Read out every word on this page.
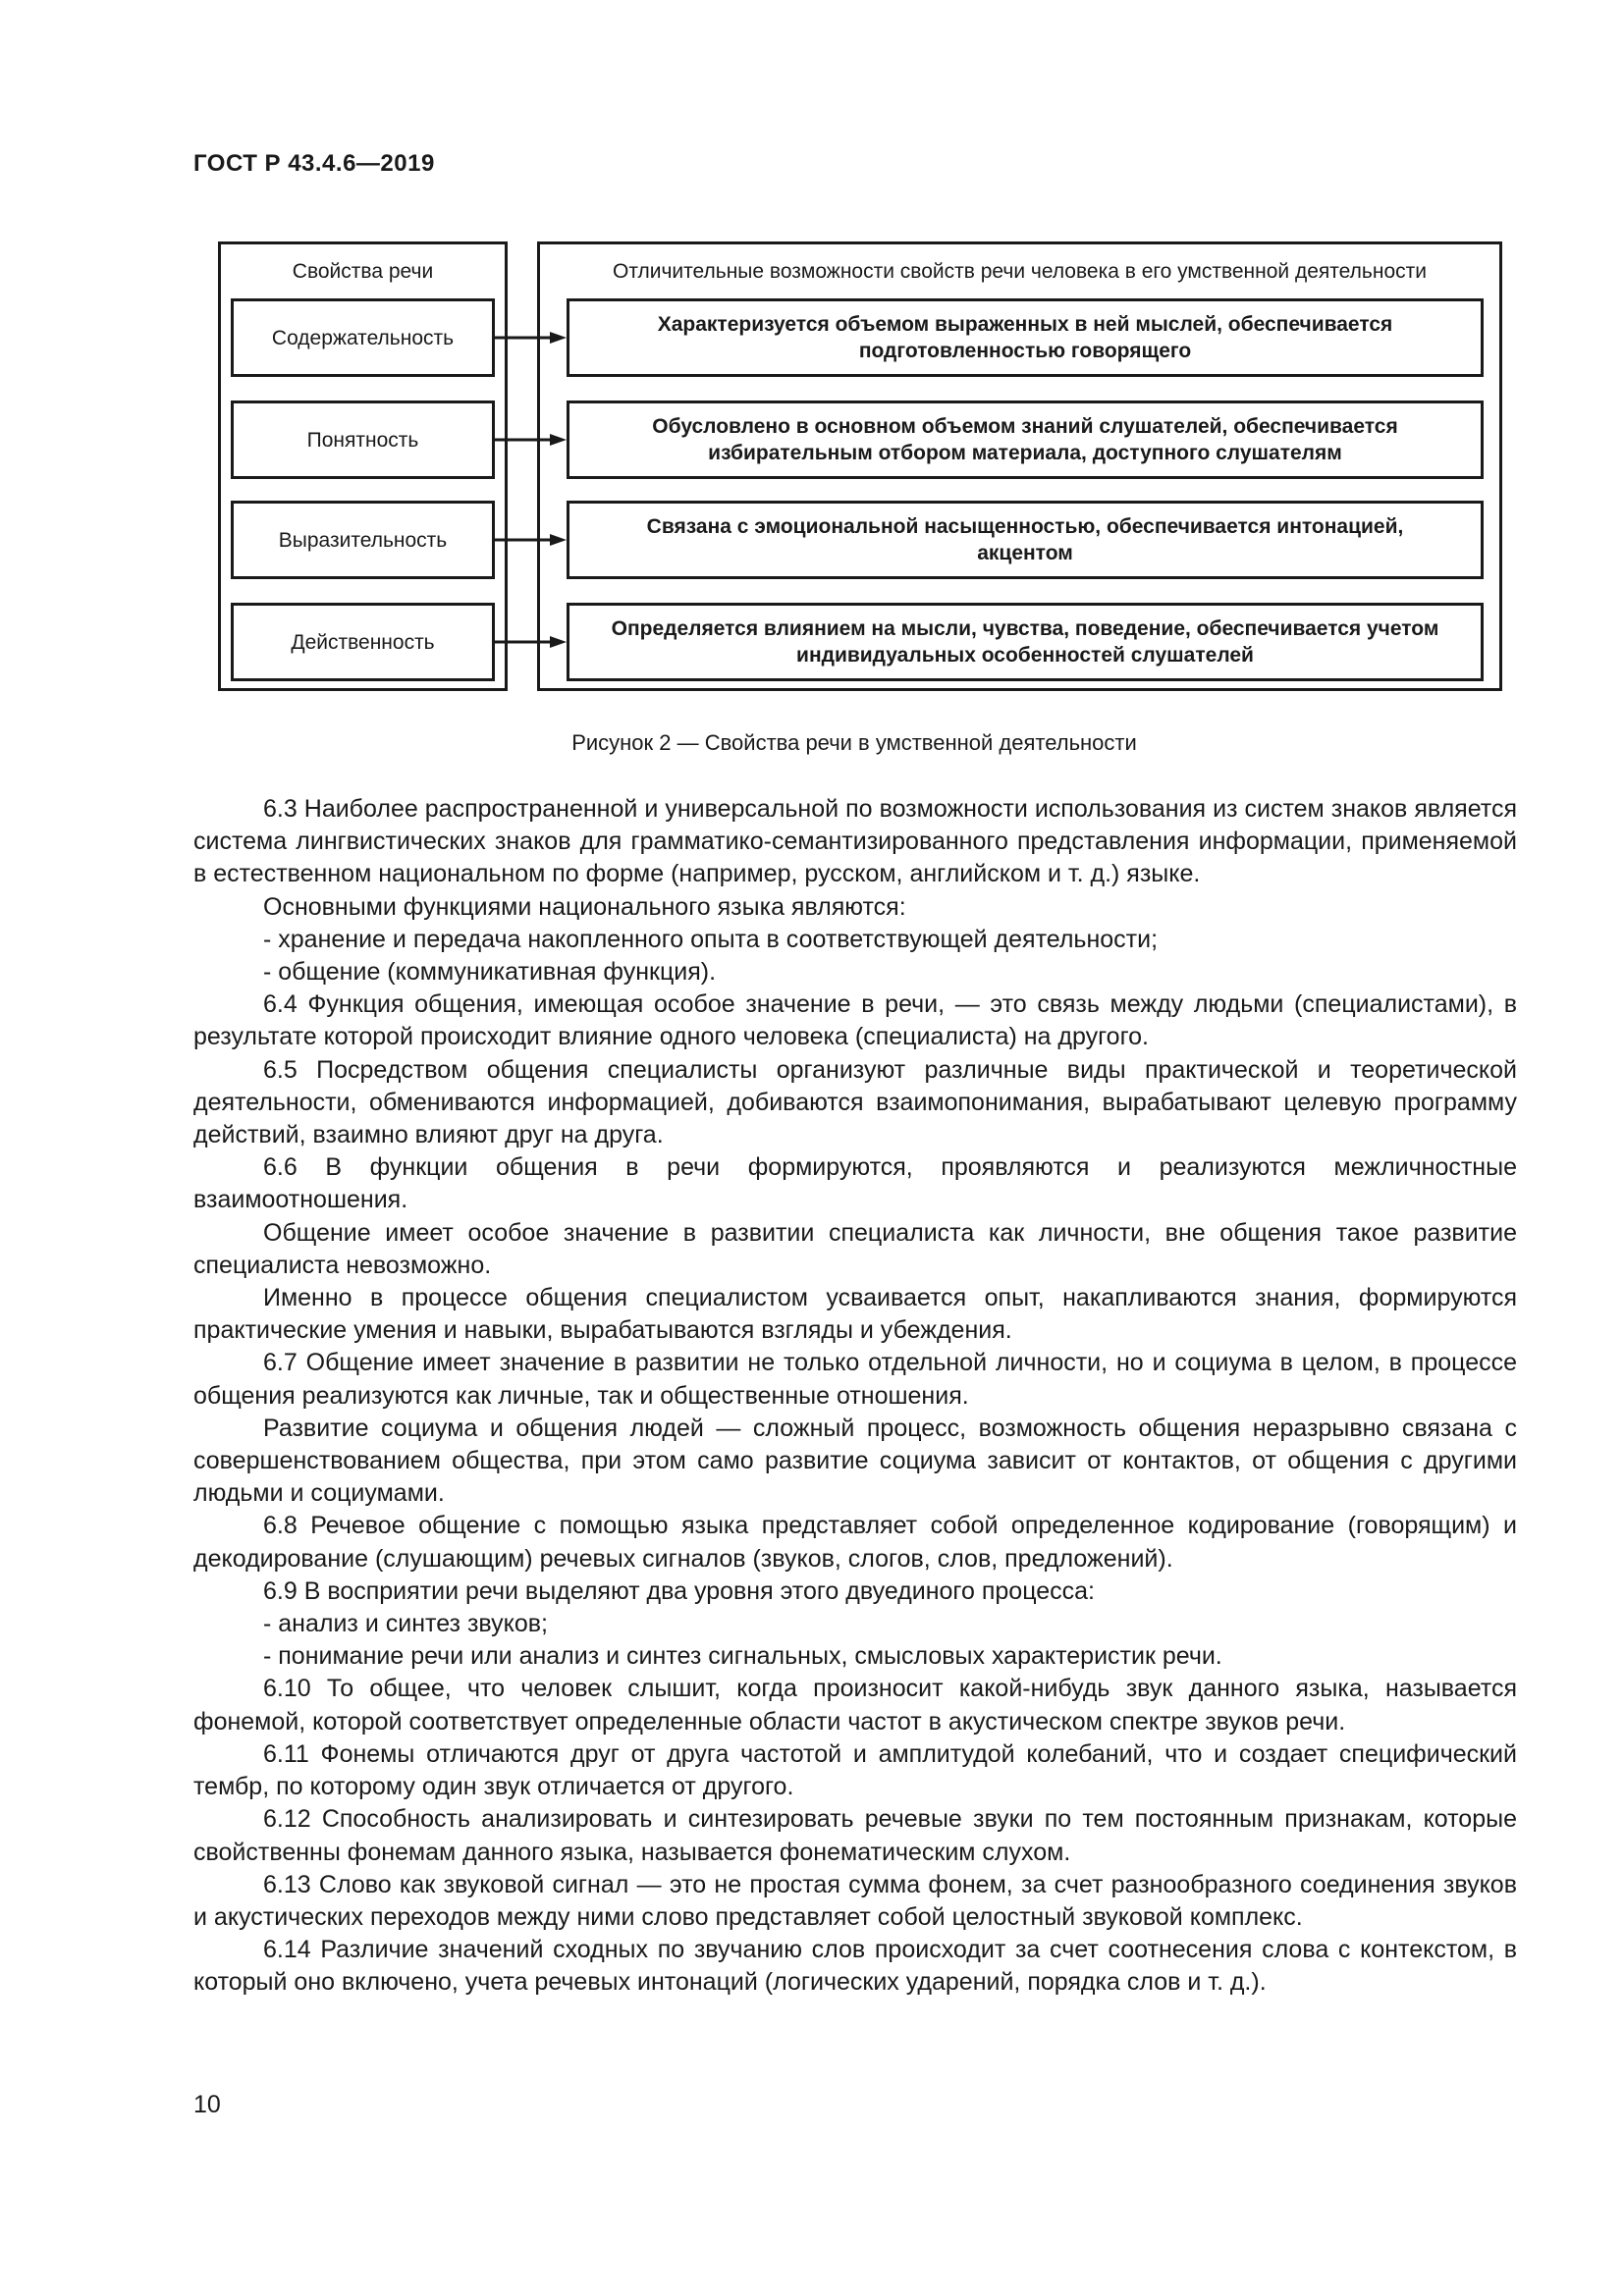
ГОСТ Р 43.4.6—2019
Свойства речи	Отличительные возможности свойств речи человека в его умственной деятельности
Содержательность
Понятность
Выразительность
Действенность
Характеризуется объемом выраженных в ней мыслей, обеспечивается подготовленностью говорящего
Обусловлено в основном объемом знаний слушателей, обеспечивается избирательным отбором материала, доступного слушателям
Связана с эмоциональной насыщенностью, обеспечивается интонацией, акцентом
Определяется влиянием на мысли, чувства, поведение, обеспечивается учетом индивидуальных особенностей слушателей
Рисунок 2 — Свойства речи в умственной деятельности

6.3 Наиболее распространенной и универсальной по возможности использования из систем знаков является система лингвистических знаков для грамматико-семантизированного представления информации, применяемой в естественном национальном по форме (например, русском, английском и т. д.) языке.

Основными функциями национального языка являются:

- хранение и передача накопленного опыта в соответствующей деятельности;

- общение (коммуникативная функция).

6.4 Функция общения, имеющая особое значение в речи, — это связь между людьми (специалистами), в результате которой происходит влияние одного человека (специалиста) на другого.

6.5 Посредством общения специалисты организуют различные виды практической и теоретической деятельности, обмениваются информацией, добиваются взаимопонимания, вырабатывают целевую программу действий, взаимно влияют друг на друга.

6.6 В функции общения в речи формируются, проявляются и реализуются межличностные взаимоотношения.

Общение имеет особое значение в развитии специалиста как личности, вне общения такое развитие специалиста невозможно.

Именно в процессе общения специалистом усваивается опыт, накапливаются знания, формируются практические умения и навыки, вырабатываются взгляды и убеждения.

6.7 Общение имеет значение в развитии не только отдельной личности, но и социума в целом, в процессе общения реализуются как личные, так и общественные отношения.

Развитие социума и общения людей — сложный процесс, возможность общения неразрывно связана с совершенствованием общества, при этом само развитие социума зависит от контактов, от общения с другими людьми и социумами.

6.8 Речевое общение с помощью языка представляет собой определенное кодирование (говорящим) и декодирование (слушающим) речевых сигналов (звуков, слогов, слов, предложений).

6.9 В восприятии речи выделяют два уровня этого двуединого процесса:

- анализ и синтез звуков;

- понимание речи или анализ и синтез сигнальных, смысловых характеристик речи.

6.10 То общее, что человек слышит, когда произносит какой-нибудь звук данного языка, называется фонемой, которой соответствует определенные области частот в акустическом спектре звуков речи.

6.11 Фонемы отличаются друг от друга частотой и амплитудой колебаний, что и создает специфический тембр, по которому один звук отличается от другого.

6.12 Способность анализировать и синтезировать речевые звуки по тем постоянным признакам, которые свойственны фонемам данного языка, называется фонематическим слухом.

6.13 Слово как звуковой сигнал — это не простая сумма фонем, за счет разнообразного соединения звуков и акустических переходов между ними слово представляет собой целостный звуковой комплекс.

6.14 Различие значений сходных по звучанию слов происходит за счет соотнесения слова с контекстом, в который оно включено, учета речевых интонаций (логических ударений, порядка слов и т. д.).

10
